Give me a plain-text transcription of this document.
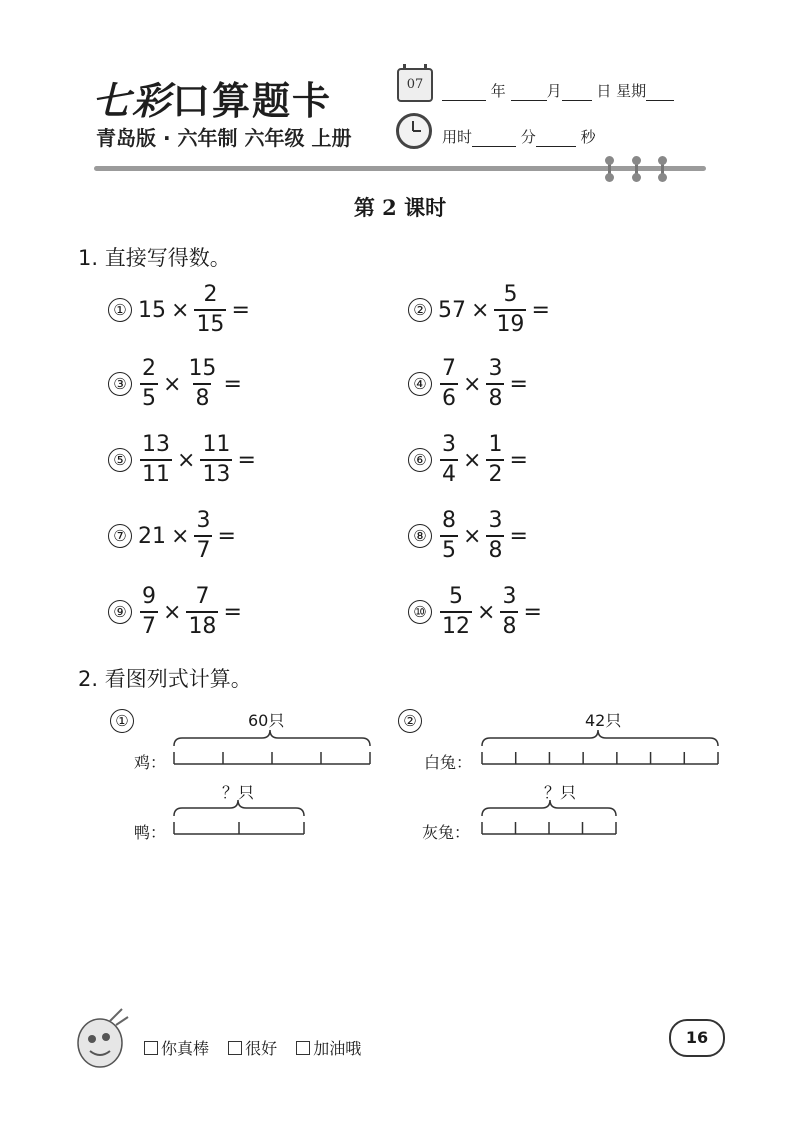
七彩口算题卡
青岛版 · 六年制 六年级 上册
07	年	月 日 星期
用时	分	秒
第 2 课时
1. 直接写得数。
① $15 \times \frac{2}{15}$ =	② $57 \times \frac{5}{19}$ =
③ $\frac{2}{5} \times \frac{15}{8}$ =	④ $\frac{7}{6} \times \frac{3}{8}$ =
⑤ $\frac{13}{11} \times \frac{11}{13}$ =	⑥ $\frac{3}{4} \times \frac{1}{2}$ =
⑦ $21 \times \frac{3}{7}$ =	⑧ $\frac{8}{5} \times \frac{3}{8}$ =
⑨ $\frac{9}{7} \times \frac{7}{18}$ =	⑩ $\frac{5}{12} \times \frac{3}{8}$ =
2. 看图列式计算。
①	60只
鸡：
？只
鸭：
②	42只
白兔：
？只
灰兔：
你真棒 很好 加油哦
16
